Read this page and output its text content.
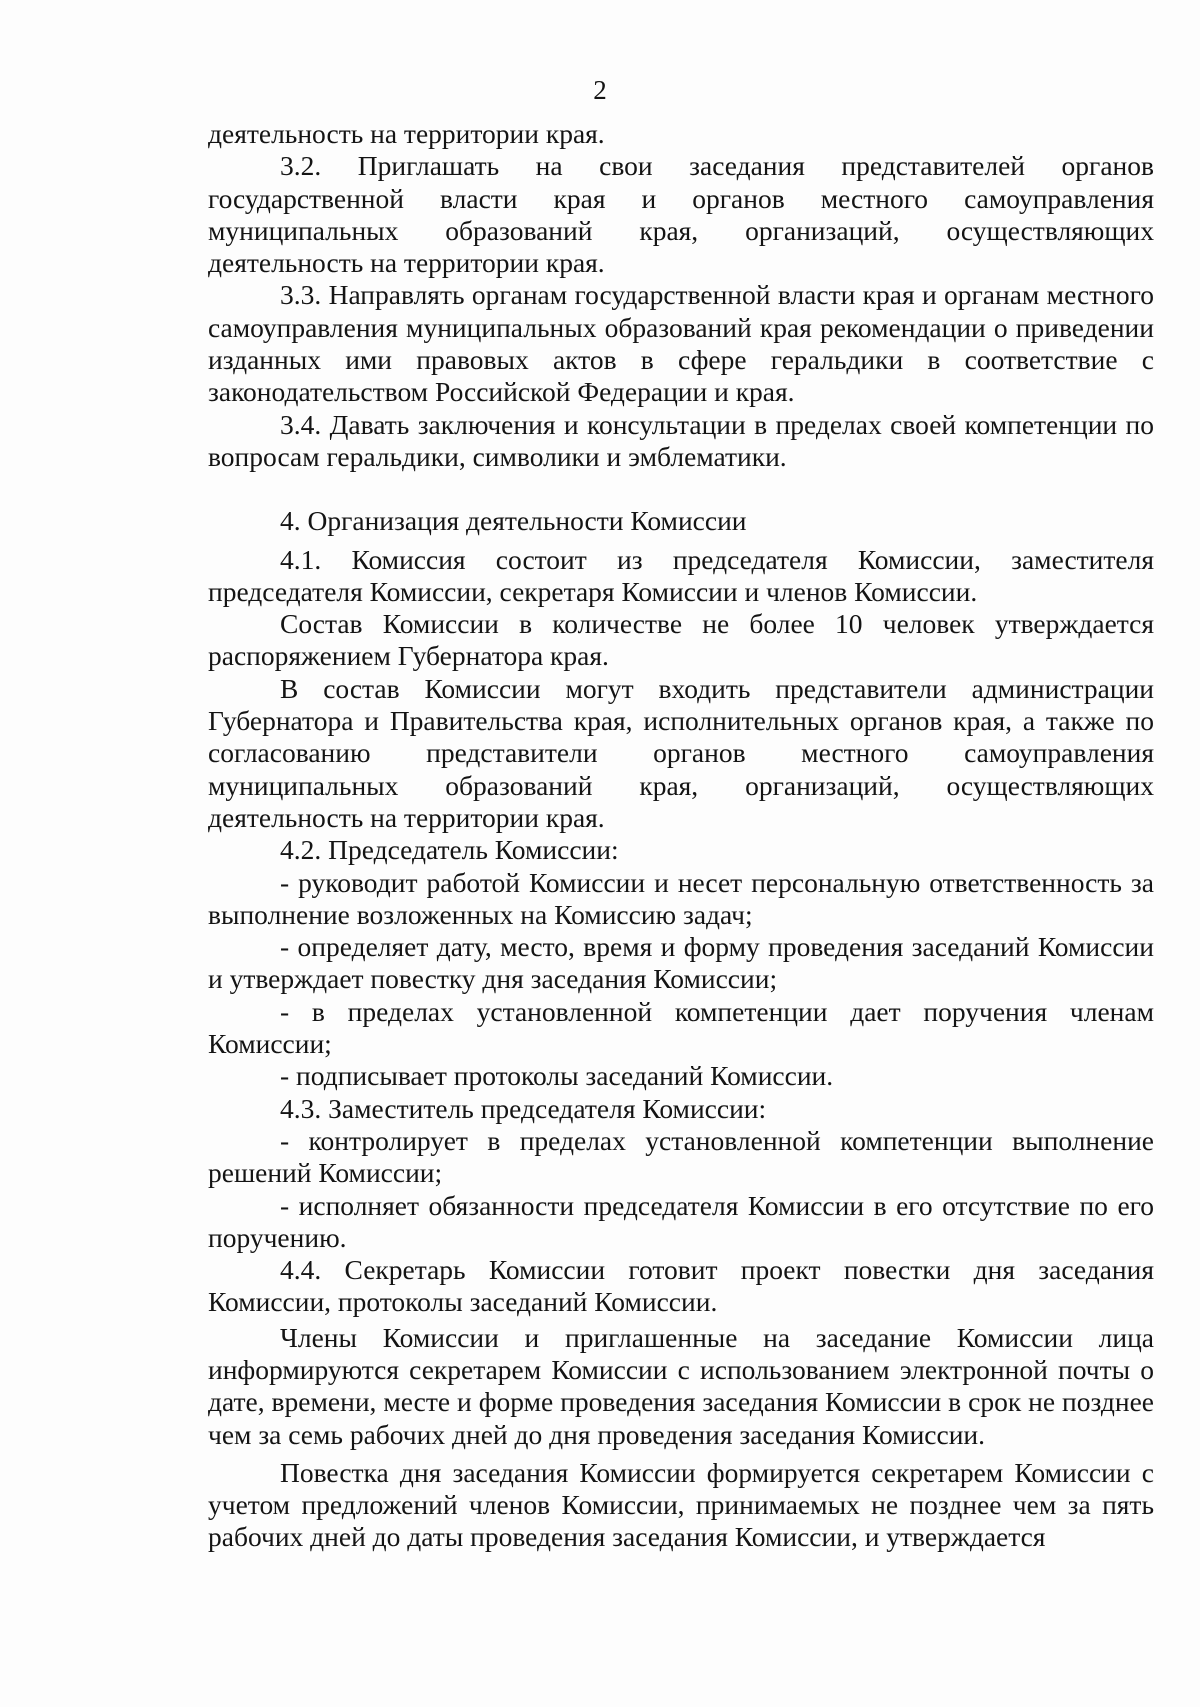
2

деятельность на территории края.

3.2. Приглашать на свои заседания представителей органов государственной власти края и органов местного самоуправления муниципальных образований края, организаций, осуществляющих деятельность на территории края.

3.3. Направлять органам государственной власти края и органам местного самоуправления муниципальных образований края рекомендации о приведении изданных ими правовых актов в сфере геральдики в соответствие с законодательством Российской Федерации и края.

3.4. Давать заключения и консультации в пределах своей компетенции по вопросам геральдики, символики и эмблематики.

4. Организация деятельности Комиссии

4.1. Комиссия состоит из председателя Комиссии, заместителя председателя Комиссии, секретаря Комиссии и членов Комиссии.

Состав Комиссии в количестве не более 10 человек утверждается распоряжением Губернатора края.

В состав Комиссии могут входить представители администрации Губернатора и Правительства края, исполнительных органов края, а также по согласованию представители органов местного самоуправления муниципальных образований края, организаций, осуществляющих деятельность на территории края.

4.2. Председатель Комиссии:

- руководит работой Комиссии и несет персональную ответственность за выполнение возложенных на Комиссию задач;

- определяет дату, место, время и форму проведения заседаний Комиссии и утверждает повестку дня заседания Комиссии;

- в пределах установленной компетенции дает поручения членам Комиссии;

- подписывает протоколы заседаний Комиссии.

4.3. Заместитель председателя Комиссии:

- контролирует в пределах установленной компетенции выполнение решений Комиссии;

- исполняет обязанности председателя Комиссии в его отсутствие по его поручению.

4.4. Секретарь Комиссии готовит проект повестки дня заседания Комиссии, протоколы заседаний Комиссии.

Члены Комиссии и приглашенные на заседание Комиссии лица информируются секретарем Комиссии с использованием электронной почты о дате, времени, месте и форме проведения заседания Комиссии в срок не позднее чем за семь рабочих дней до дня проведения заседания Комиссии.

Повестка дня заседания Комиссии формируется секретарем Комиссии с учетом предложений членов Комиссии, принимаемых не позднее чем за пять рабочих дней до даты проведения заседания Комиссии, и утверждается
